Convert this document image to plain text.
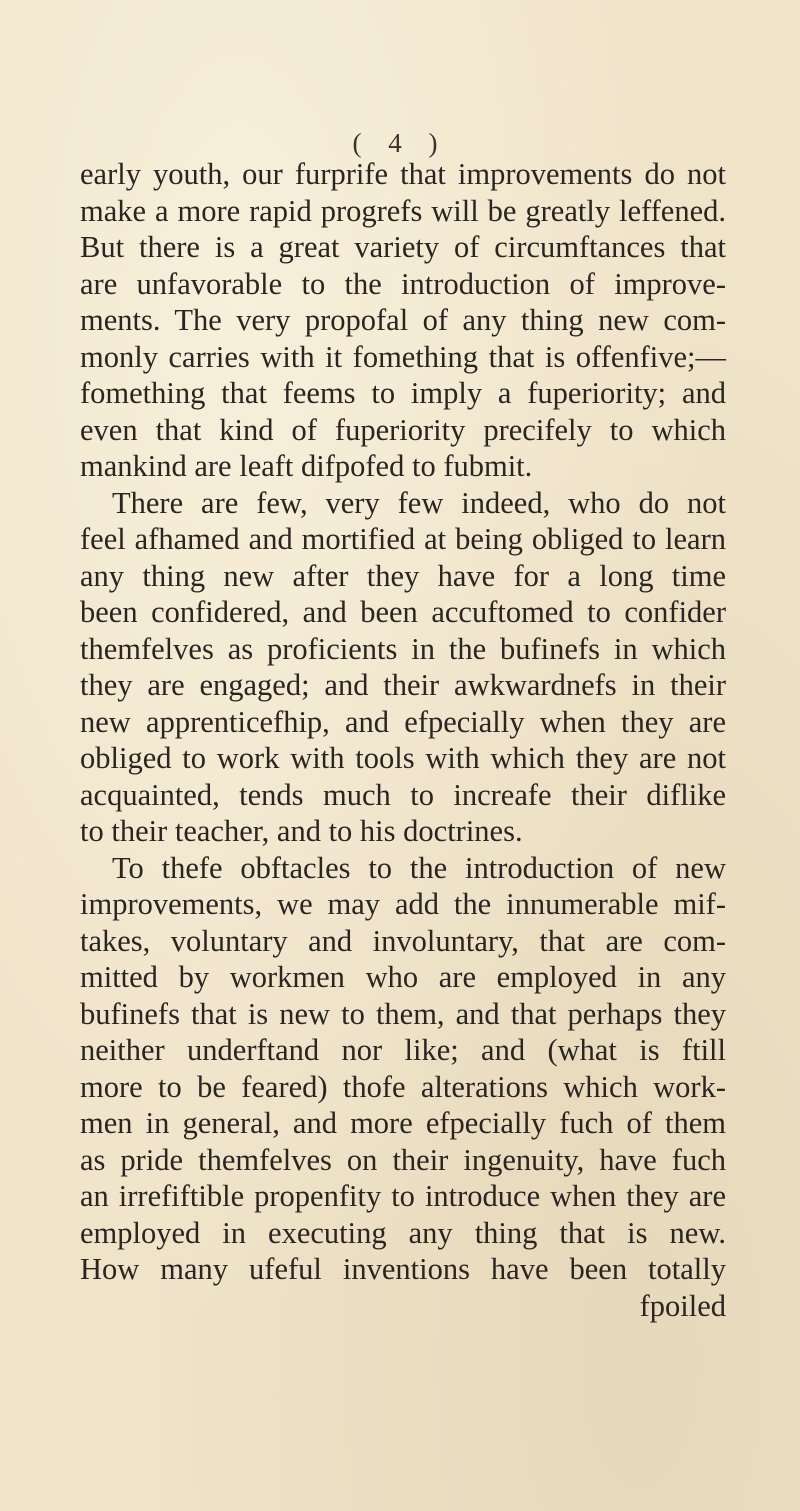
( 4 )
early youth, our furprife that improvements do not
make a more rapid progrefs will be greatly leffened.
But there is a great variety of circumftances that
are unfavorable to the introduction of improve-
ments. The very propofal of any thing new com-
monly carries with it fomething that is offenfive;—
fomething that feems to imply a fuperiority; and
even that kind of fuperiority precifely to which
mankind are leaft difpofed to fubmit.
There are few, very few indeed, who do not
feel afhamed and mortified at being obliged to learn
any thing new after they have for a long time
been confidered, and been accuftomed to confider
themfelves as proficients in the bufinefs in which
they are engaged; and their awkwardnefs in their
new apprenticefhip, and efpecially when they are
obliged to work with tools with which they are not
acquainted, tends much to increafe their diflike
to their teacher, and to his doctrines.
To thefe obftacles to the introduction of new
improvements, we may add the innumerable mif-
takes, voluntary and involuntary, that are com-
mitted by workmen who are employed in any
bufinefs that is new to them, and that perhaps they
neither underftand nor like; and (what is ftill
more to be feared) thofe alterations which work-
men in general, and more efpecially fuch of them
as pride themfelves on their ingenuity, have fuch
an irrefiftible propenfity to introduce when they are
employed in executing any thing that is new.
How many ufeful inventions have been totally
fpoiled
